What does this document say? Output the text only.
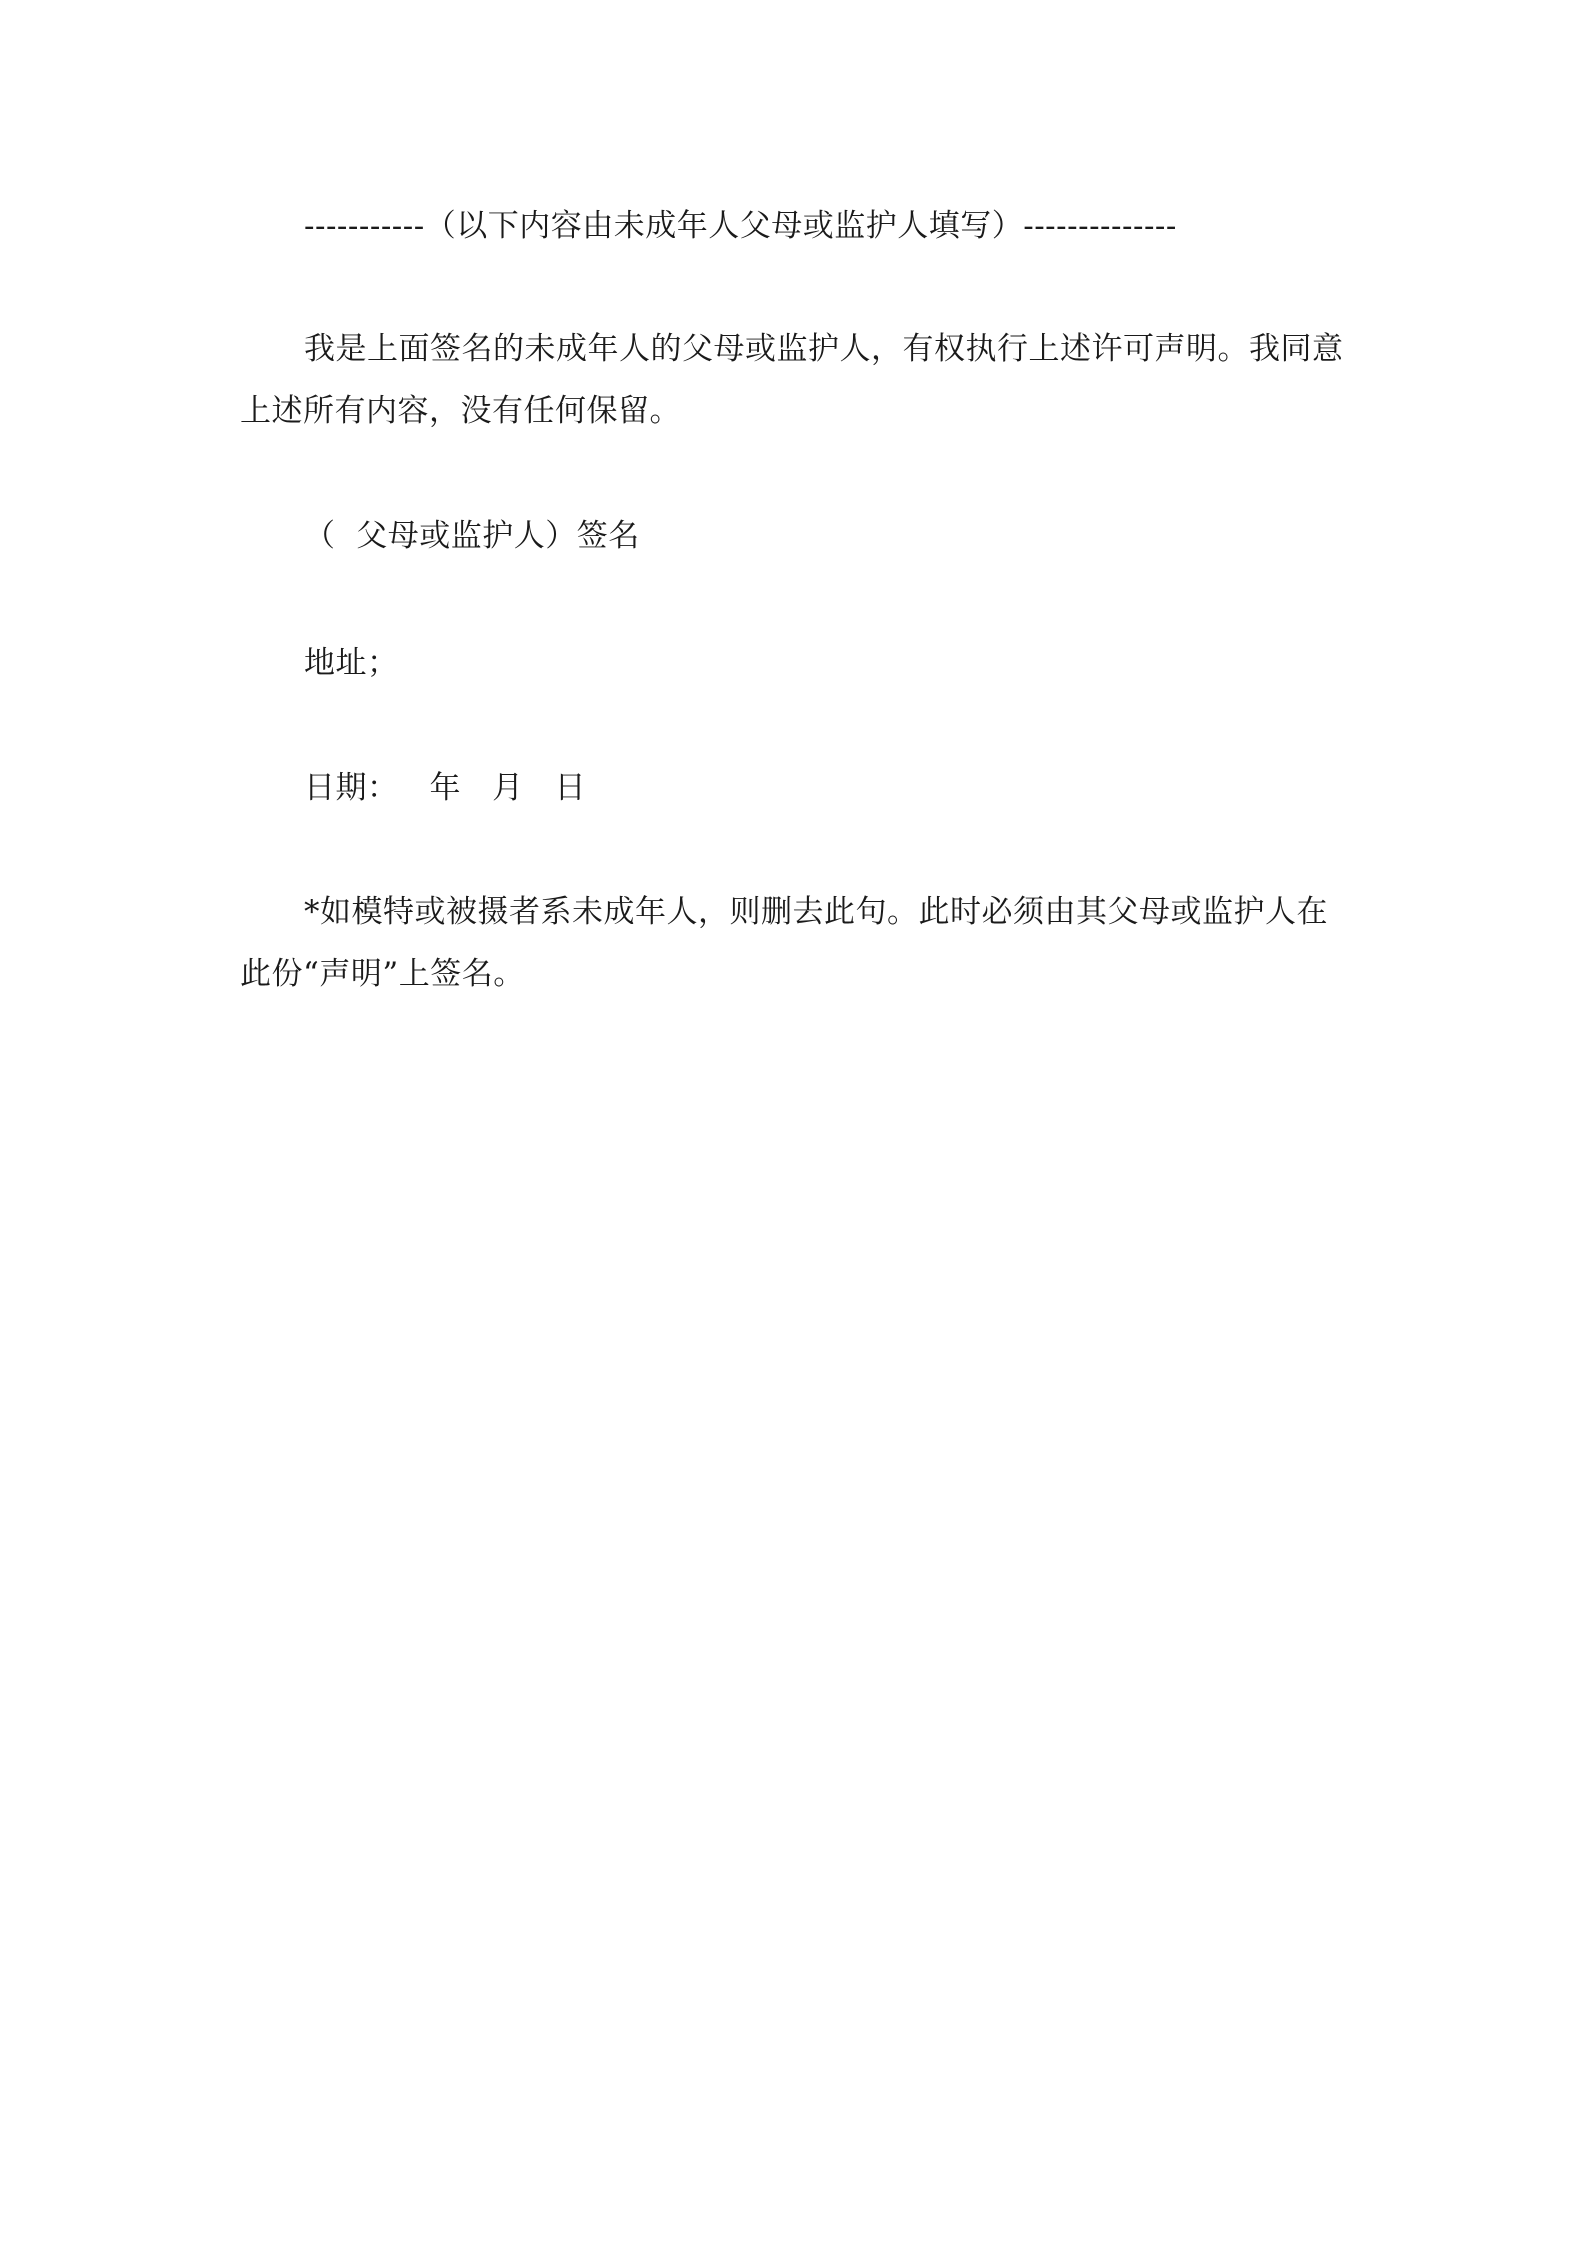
-----------（以下内容由未成年人父母或监护人填写）--------------
我是上面签名的未成年人的父母或监护人，有权执行上述许可声明。我同意上述所有内容，没有任何保留。
（  父母或监护人）签名
地址；
日期：   年   月   日
*如模特或被摄者系未成年人，则删去此句。此时必须由其父母或监护人在此份“声明”上签名。
